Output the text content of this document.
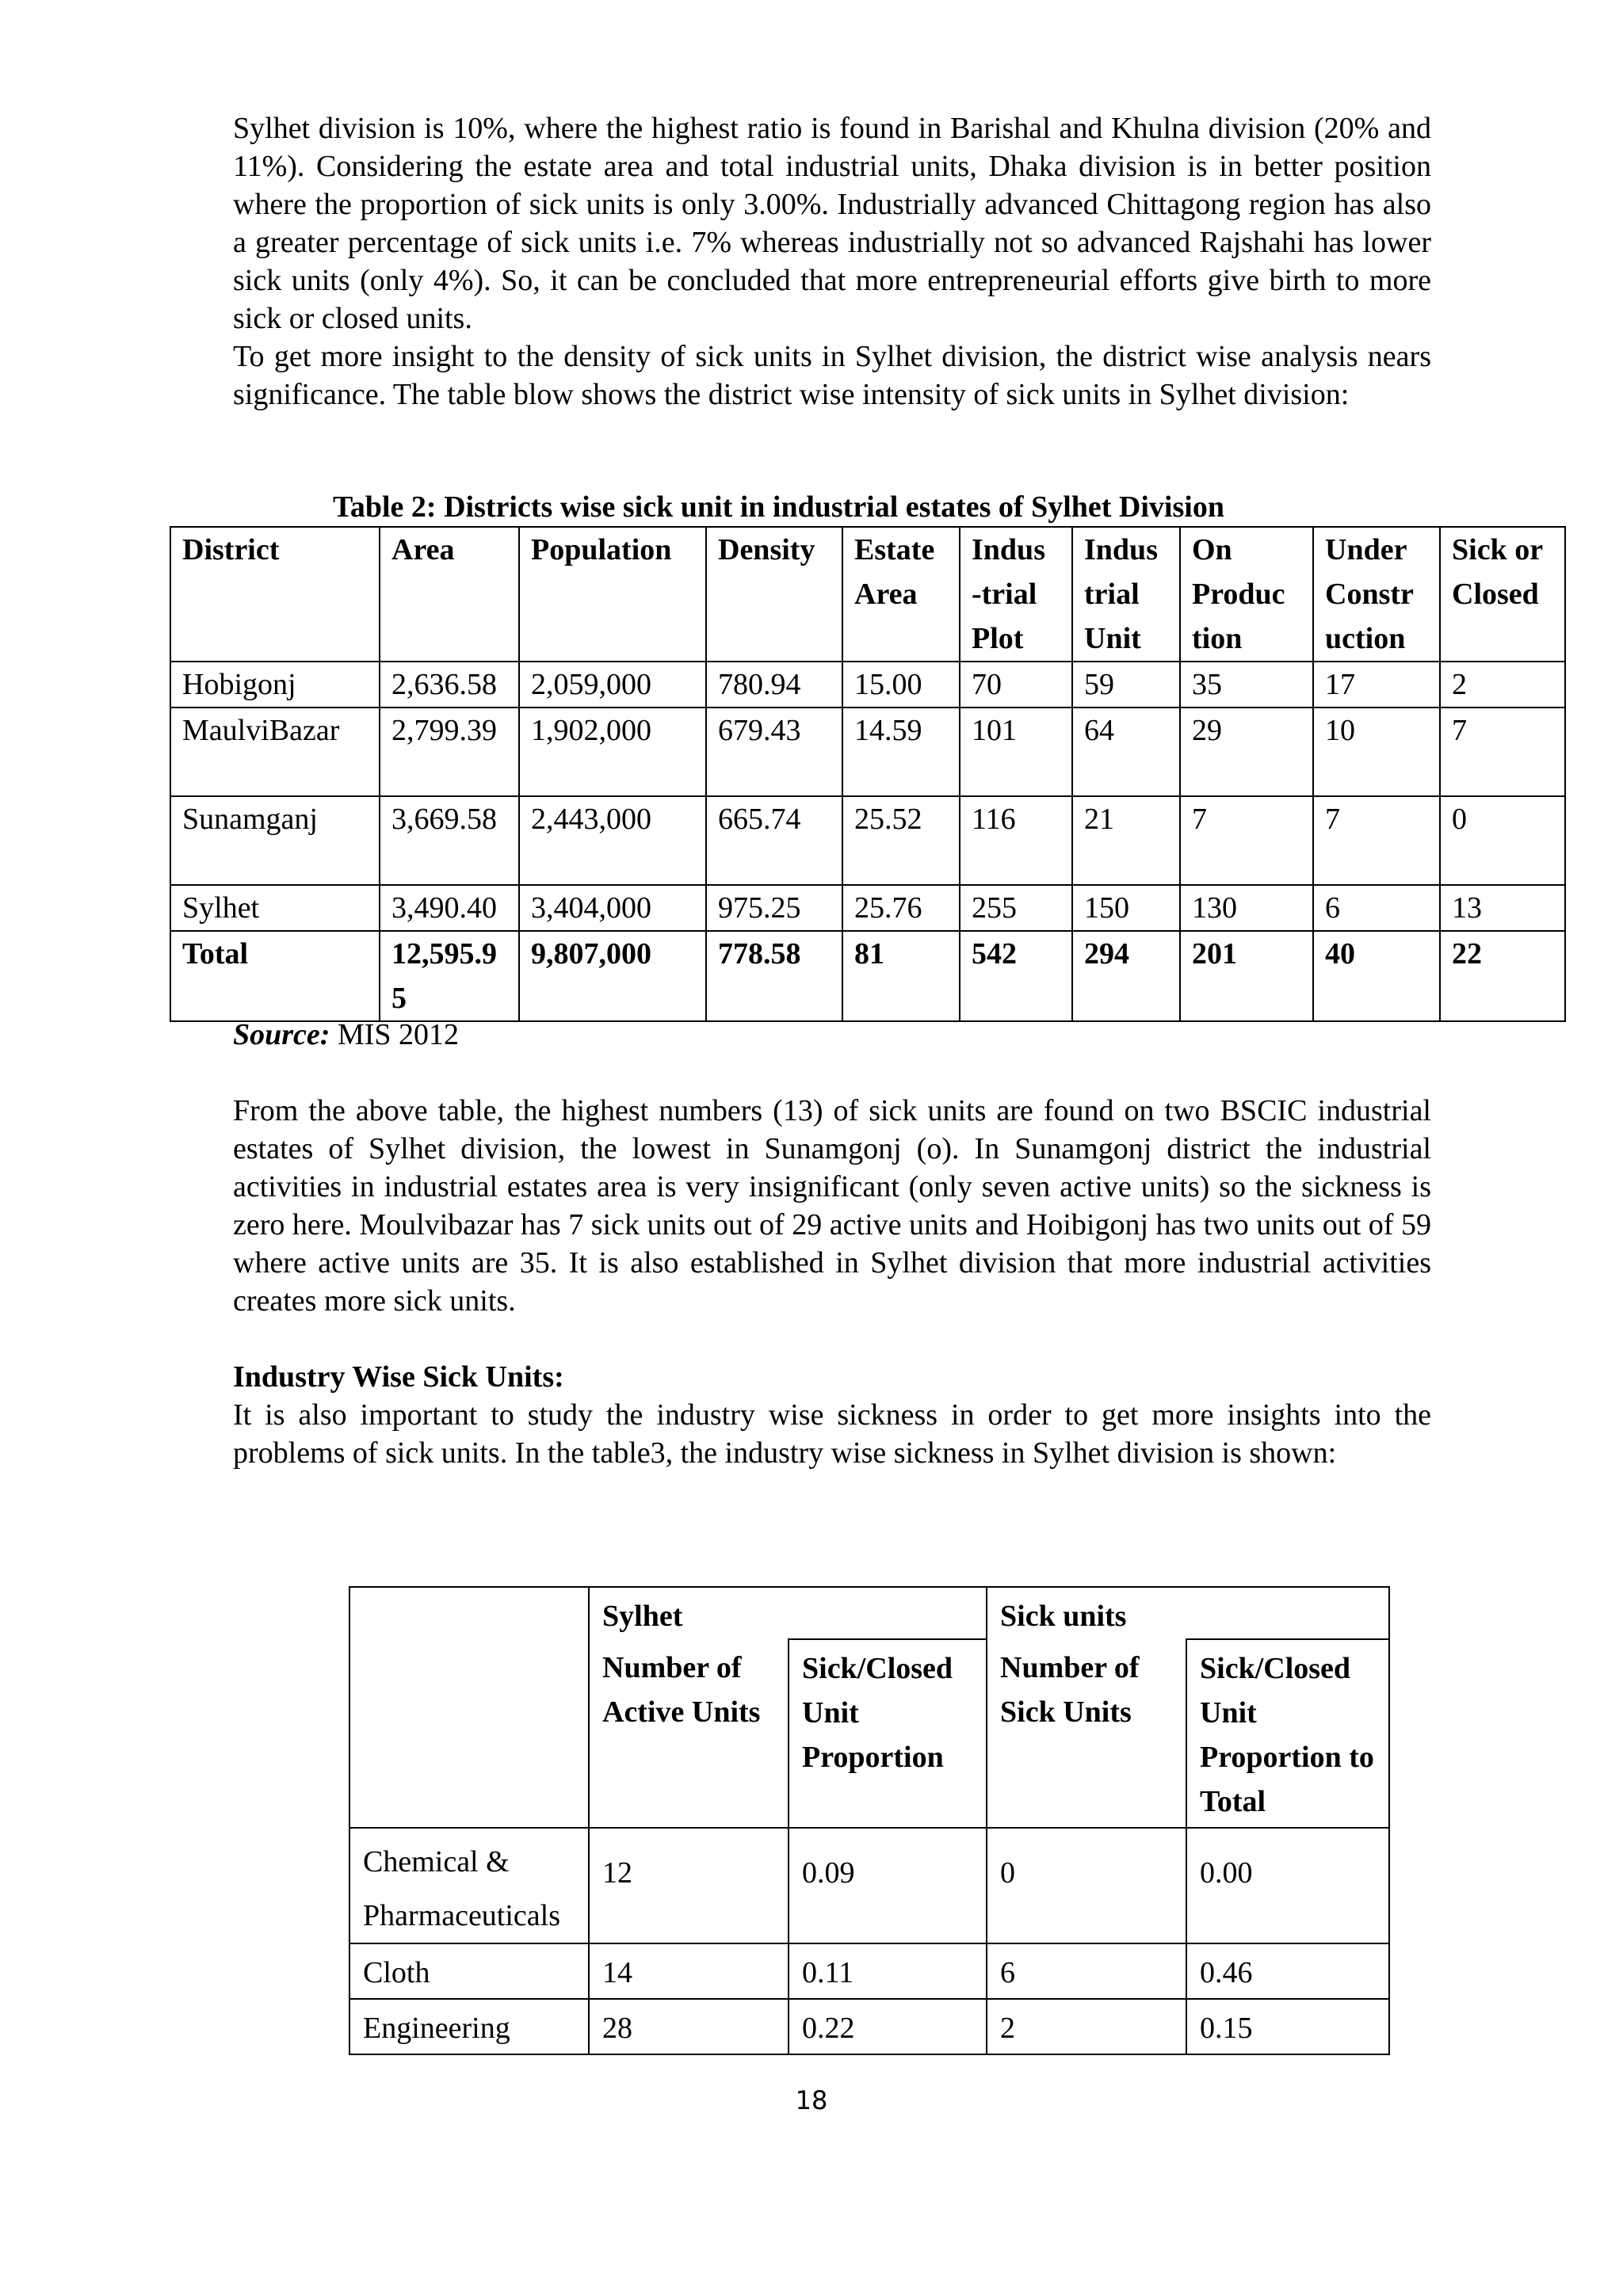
Sylhet division is 10%, where the highest ratio is found in Barishal and Khulna division (20% and 11%). Considering the estate area and total industrial units, Dhaka division is in better position where the proportion of sick units is only 3.00%. Industrially advanced Chittagong region has also a greater percentage of sick units i.e. 7% whereas industrially not so advanced Rajshahi has lower sick units (only 4%). So, it can be concluded that more entrepreneurial efforts give birth to more sick or closed units.

To get more insight to the density of sick units in Sylhet division, the district wise analysis nears significance. The table blow shows the district wise intensity of sick units in Sylhet division:

Table 2: Districts wise sick unit in industrial estates of Sylhet Division

District	Area	Population	Density	Estate Area	Indus -trial Plot	Indus trial Unit	On Produc tion	Under Constr uction	Sick or Closed
Hobigonj	2,636.58	2,059,000	780.94	15.00	70	59	35	17	2
MaulviBazar	2,799.39	1,902,000	679.43	14.59	101	64	29	10	7
Sunamganj	3,669.58	2,443,000	665.74	25.52	116	21	7	7	0
Sylhet	3,490.40	3,404,000	975.25	25.76	255	150	130	6	13
Total	12,595.95	9,807,000	778.58	81	542	294	201	40	22

Source: MIS 2012

From the above table, the highest numbers (13) of sick units are found on two BSCIC industrial estates of Sylhet division, the lowest in Sunamgonj (o). In Sunamgonj district the industrial activities in industrial estates area is very insignificant (only seven active units) so the sickness is zero here. Moulvibazar has 7 sick units out of 29 active units and Hoibigonj has two units out of 59 where active units are 35. It is also established in Sylhet division that more industrial activities creates more sick units.

Industry Wise Sick Units:

It is also important to study the industry wise sickness in order to get more insights into the problems of sick units. In the table3, the industry wise sickness in Sylhet division is shown:

	Sylhet		Sick units	
	Number of Active Units	Sick/Closed Unit Proportion	Number of Sick Units	Sick/Closed Unit Proportion to Total
Chemical & Pharmaceuticals	12	0.09	0	0.00
Cloth	14	0.11	6	0.46
Engineering	28	0.22	2	0.15

18
